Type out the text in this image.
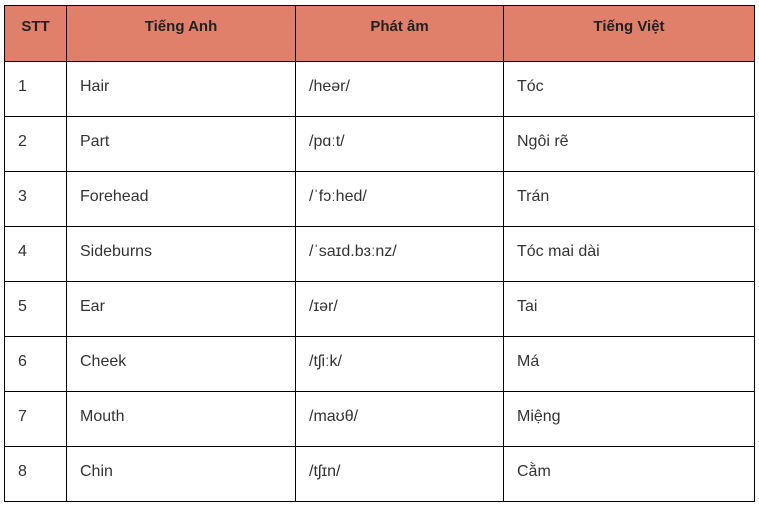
STT	Tiếng Anh	Phát âm	Tiếng Việt
1	Hair	/heər/	Tóc
2	Part	/pɑːt/	Ngôi rẽ
3	Forehead	/ˈfɔːhed/	Trán
4	Sideburns	/ˈsaɪd.bɜːnz/	Tóc mai dài
5	Ear	/ɪər/	Tai
6	Cheek	/tʃiːk/	Má
7	Mouth	/maʊθ/	Miệng
8	Chin	/tʃɪn/	Cằm
